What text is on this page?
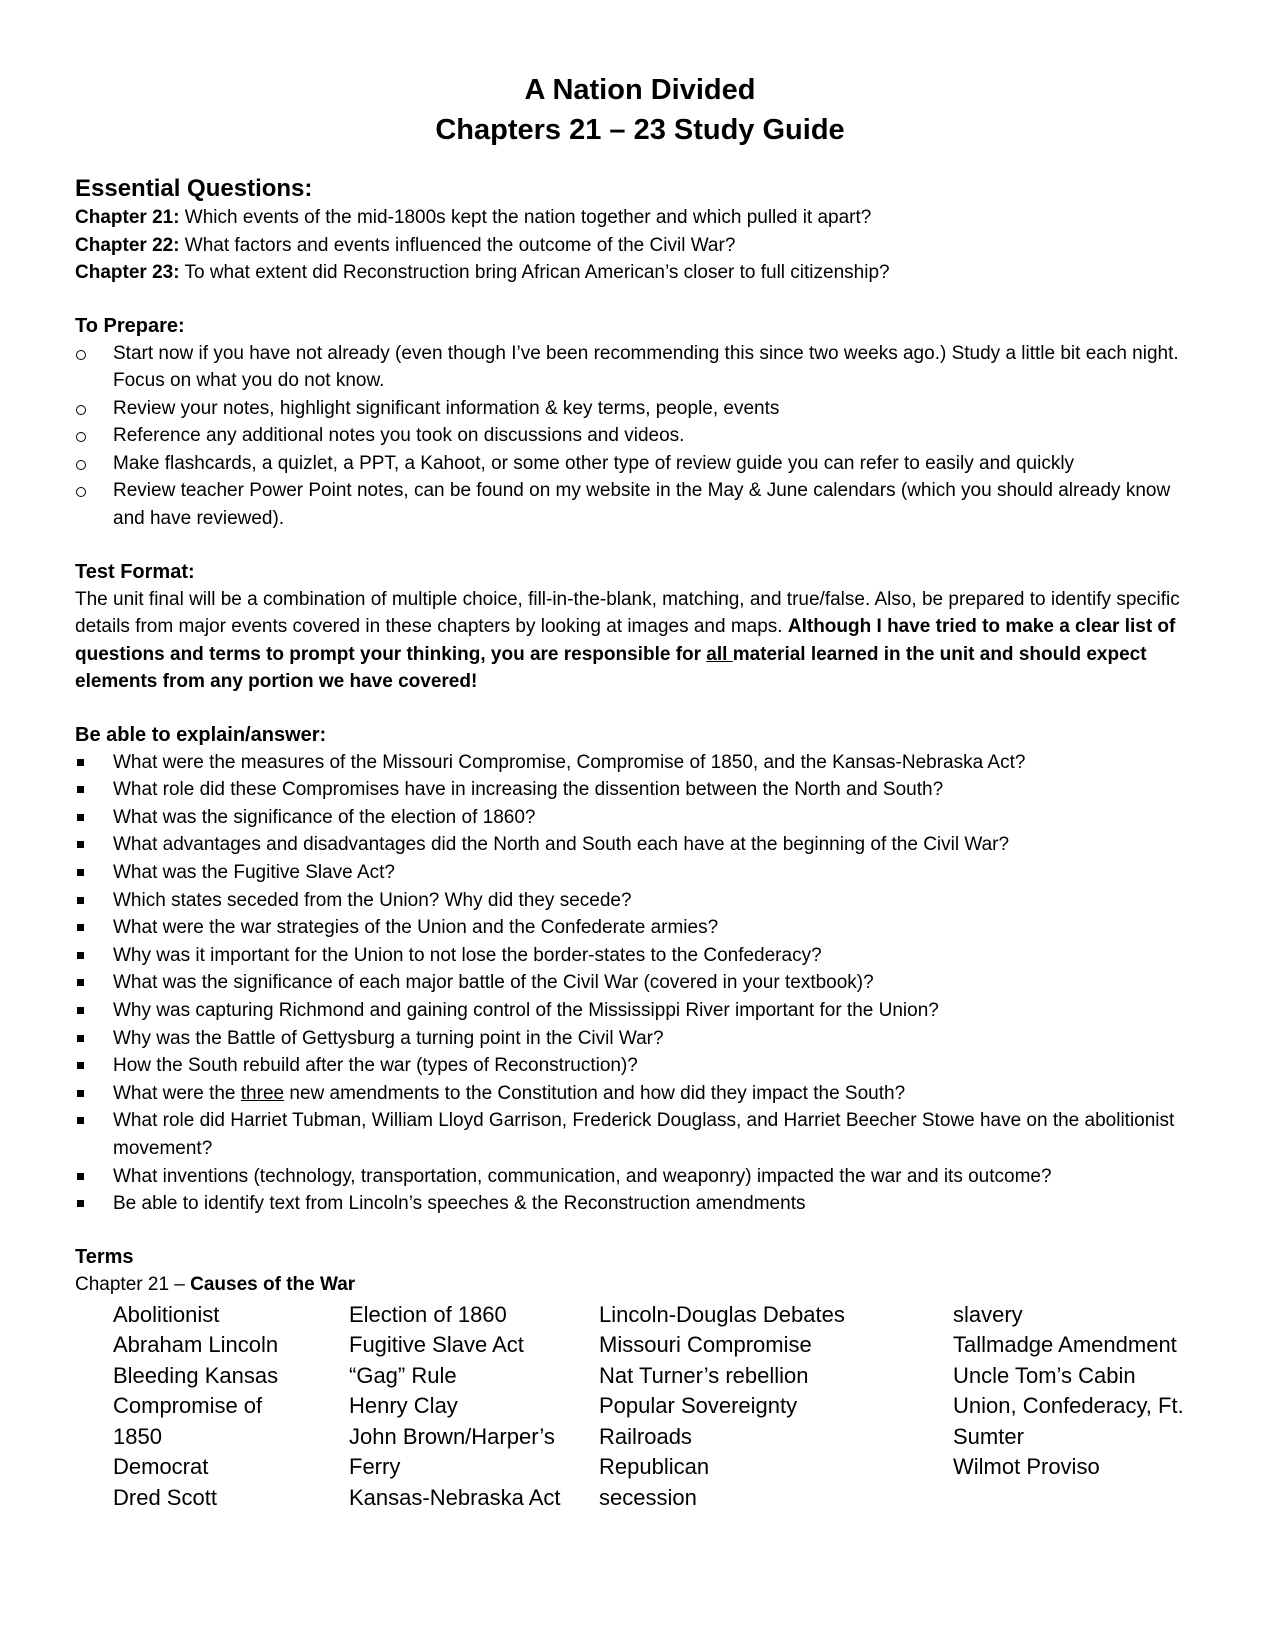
A Nation Divided
Chapters 21 – 23 Study Guide
Essential Questions:

Chapter 21: Which events of the mid-1800s kept the nation together and which pulled it apart?

Chapter 22: What factors and events influenced the outcome of the Civil War?

Chapter 23: To what extent did Reconstruction bring African American’s closer to full citizenship?

To Prepare:
Start now if you have not already (even though I’ve been recommending this since two weeks ago.) Study a little bit each night. Focus on what you do not know.
Review your notes, highlight significant information & key terms, people, events
Reference any additional notes you took on discussions and videos.
Make flashcards, a quizlet, a PPT, a Kahoot, or some other type of review guide you can refer to easily and quickly
Review teacher Power Point notes, can be found on my website in the May & June calendars (which you should already know and have reviewed).
Test Format:

The unit final will be a combination of multiple choice, fill-in-the-blank, matching, and true/false. Also, be prepared to identify specific details from major events covered in these chapters by looking at images and maps. Although I have tried to make a clear list of questions and terms to prompt your thinking, you are responsible for all material learned in the unit and should expect elements from any portion we have covered!

Be able to explain/answer:
What were the measures of the Missouri Compromise, Compromise of 1850, and the Kansas-Nebraska Act?
What role did these Compromises have in increasing the dissention between the North and South?
What was the significance of the election of 1860?
What advantages and disadvantages did the North and South each have at the beginning of the Civil War?
What was the Fugitive Slave Act?
Which states seceded from the Union? Why did they secede?
What were the war strategies of the Union and the Confederate armies?
Why was it important for the Union to not lose the border-states to the Confederacy?
What was the significance of each major battle of the Civil War (covered in your textbook)?
Why was capturing Richmond and gaining control of the Mississippi River important for the Union?
Why was the Battle of Gettysburg a turning point in the Civil War?
How the South rebuild after the war (types of Reconstruction)?
What were the three new amendments to the Constitution and how did they impact the South?
What role did Harriet Tubman, William Lloyd Garrison, Frederick Douglass, and Harriet Beecher Stowe have on the abolitionist movement?
What inventions (technology, transportation, communication, and weaponry) impacted the war and its outcome?
Be able to identify text from Lincoln’s speeches & the Reconstruction amendments
Terms

Chapter 21 – Causes of the War

Abolitionist
Abraham Lincoln
Bleeding Kansas
Compromise of
1850
Democrat
Dred Scott
Election of 1860
Fugitive Slave Act
“Gag” Rule
Henry Clay
John Brown/Harper’s
Ferry
Kansas-Nebraska Act
Lincoln-Douglas Debates
Missouri Compromise
Nat Turner’s rebellion
Popular Sovereignty
Railroads
Republican
secession
slavery
Tallmadge Amendment
Uncle Tom’s Cabin
Union, Confederacy, Ft.
Sumter
Wilmot Proviso
